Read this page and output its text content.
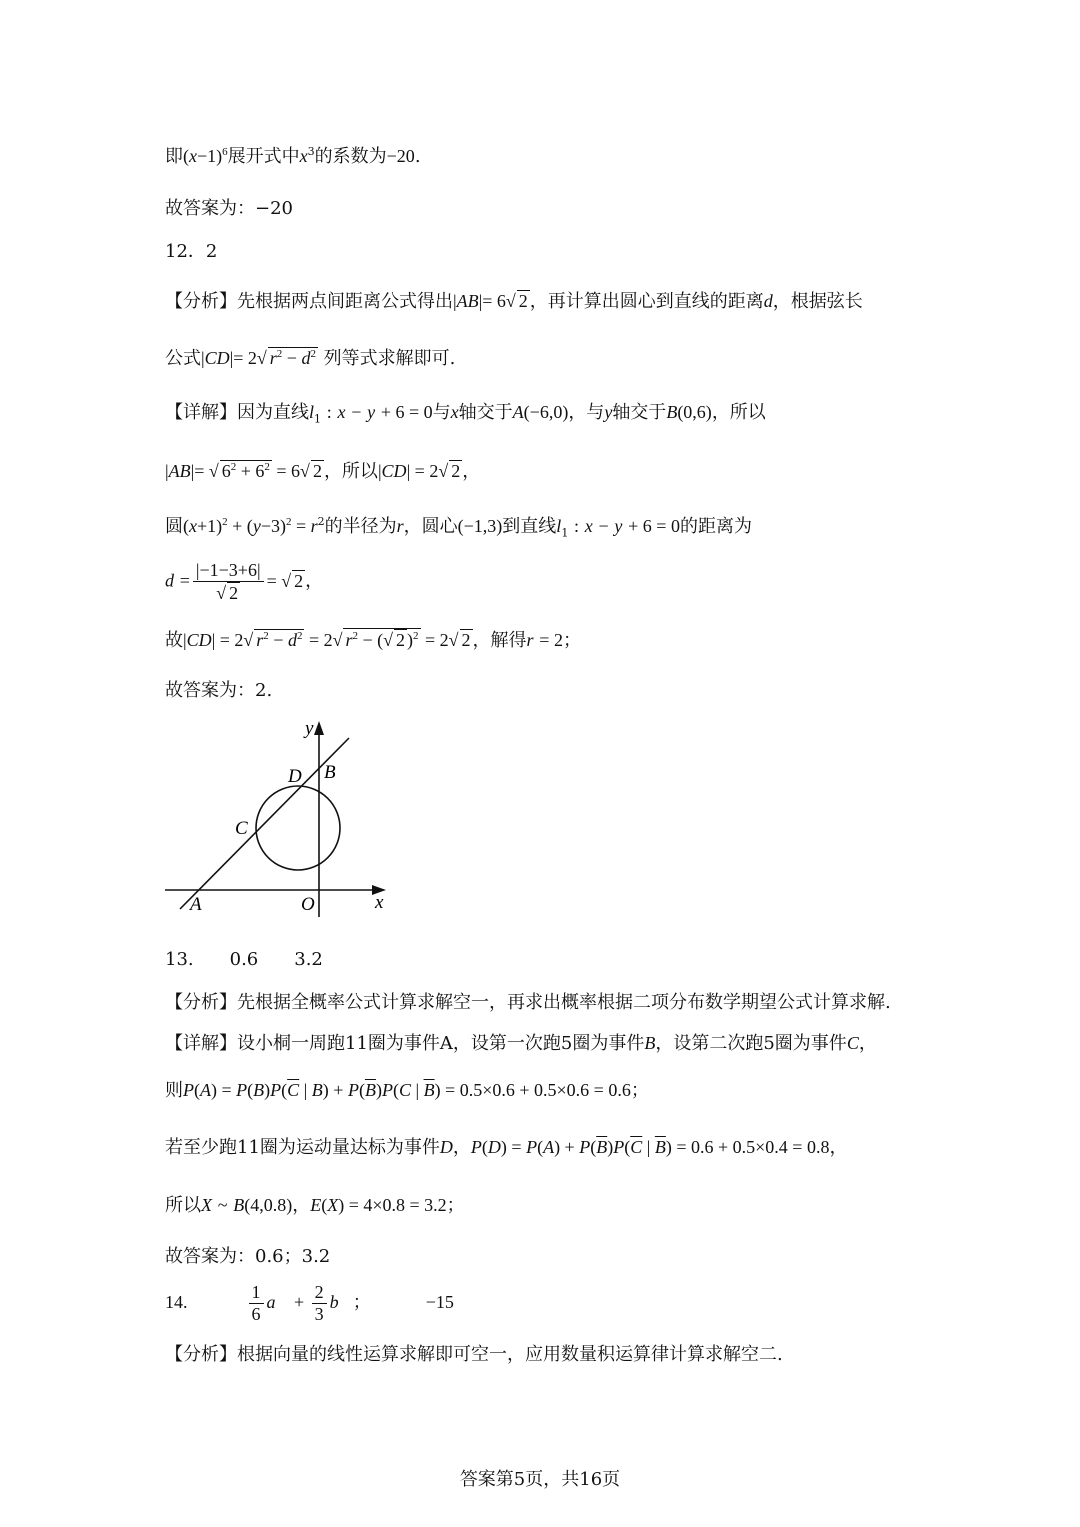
即$(x-1)^6$展开式中$x^3$的系数为−20.
故答案为：−20
12．2
【分析】先根据两点间距离公式得出|AB|= 6√ 2 ，再计算出圆心到直线的距离d，根据弦长
公式|CD|= 2√ $r^2 - d^2$ 列等式求解即可.
【详解】因为直线$l_1$ : x − y + 6 = 0与x轴交于A(−6,0)，与y轴交于B(0,6)，所以
|AB|= √ $6^2 + 6^2 = 6√$ 2 ，所以|CD| = 2√ 2 ，
圆$(x+1)^2 + (y-3)^2 = r^2$的半径为r，圆心(−1,3)到直线$l_1$ : x − y + 6 = 0的距离为
$d = \frac{|-1-3+6|}{√ 2}$ = √ 2 ，
故|CD| = 2√ $r^2 - d^2 = 2√$ $r^2$ − (√ 2 )$^2$ = 2√ 2 ，解得r = 2；
故答案为：2.
y
x
O
A
B
C
D
13.　　0.6　　3.2
【分析】先根据全概率公式计算求解空一，再求出概率根据二项分布数学期望公式计算求解.
【详解】设小桐一周跑11圈为事件A，设第一次跑5圈为事件B，设第二次跑5圈为事件C，
则$P(A) = P(B)P(\overline{C}$ | $B) + P(\overline{B})P(C$ | $\overline{B}) = 0.5\times 0.6 + 0.5\times 0.6 = 0.6$；
若至少跑11圈为运动量达标为事件D，$P(D) = P(A) + P(\overline{B})P(\overline{C}$ | $\overline{B}) = 0.6 + 0.5\times 0.4 = 0.8$，
所以X ~ B(4,0.8)，E(X) = 4×0.8 = 3.2；
故答案为：0.6；3.2
14.	$\frac{1}{6}$ a⃗ + $\frac{2}{3}$ b⃗；	−15
【分析】根据向量的线性运算求解即可空一，应用数量积运算律计算求解空二.
答案第5页，共16页
